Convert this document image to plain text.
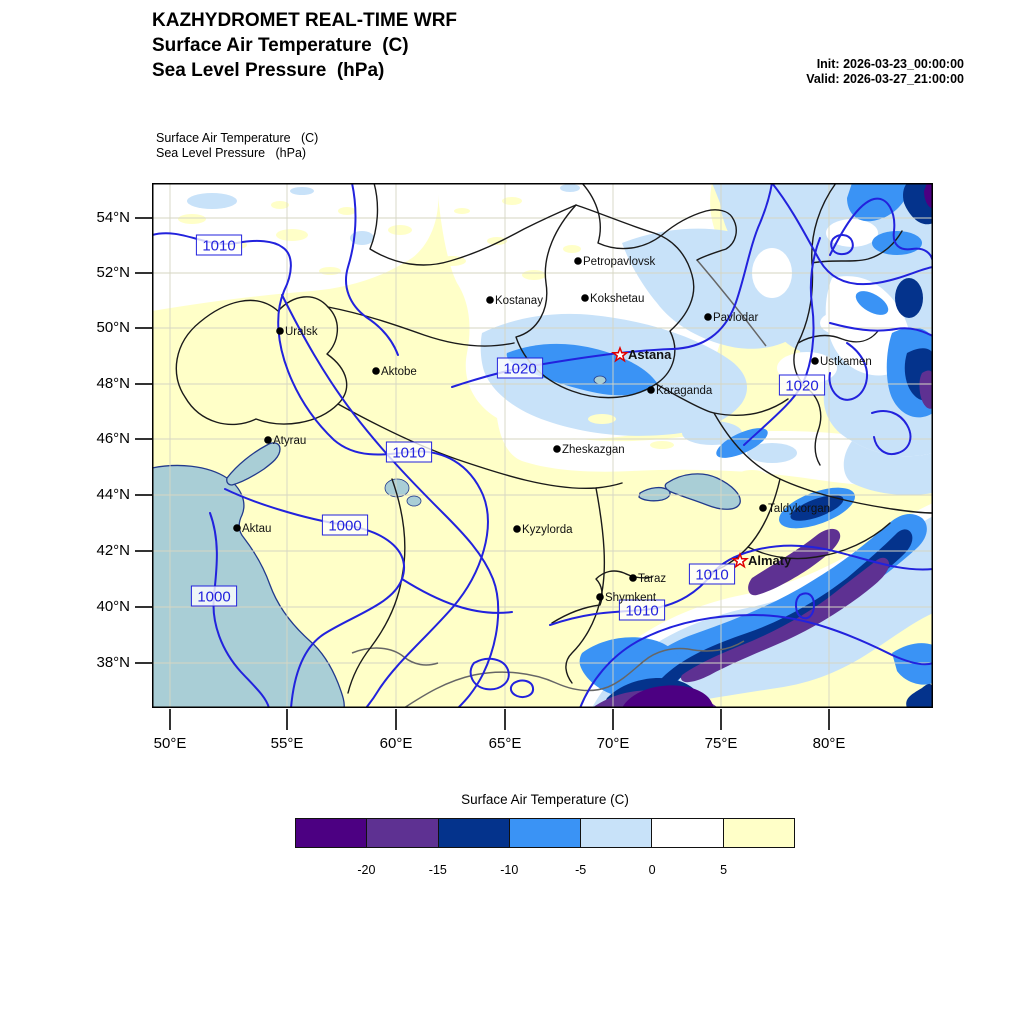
KAZHYDROMET REAL-TIME WRF
Surface Air Temperature  (C)
Sea Level Pressure  (hPa)	Init: 2026-03-23_00:00:00
Valid: 2026-03-27_21:00:00
Surface Air Temperature   (C)
Sea Level Pressure   (hPa)
1010
1020
1020
1010
1000
1000
1010
1010
Uralsk
Aktobe
Atyrau
Aktau
Kostanay
Petropavlovsk
Kokshetau
Pavlodar
Astana
Karaganda
Zheskazgan
Kyzylorda
Taraz
Shymkent
Almaty
Taldykorgan
Ustkamen
54°N
52°N
50°N
48°N
46°N
44°N
42°N
40°N
38°N
50°E	55°E	60°E	65°E	70°E	75°E	80°E
Surface Air Temperature (C)
-20	-15	-10	-5	0	5
